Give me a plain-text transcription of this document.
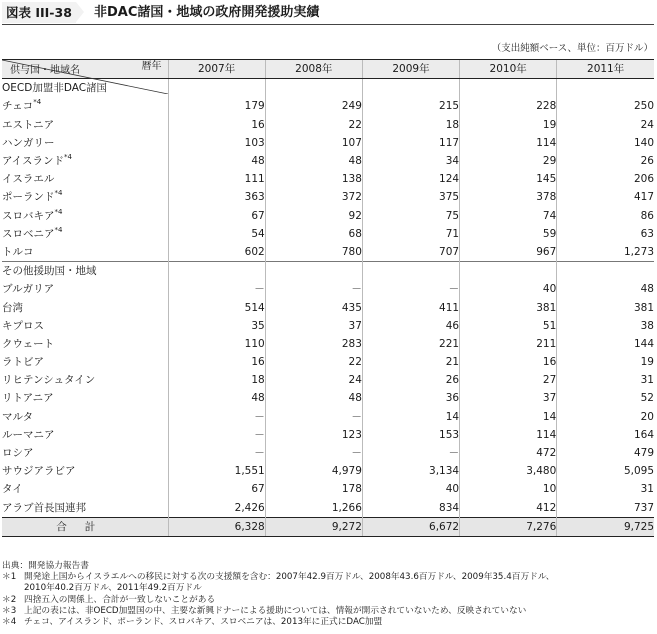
図表 III-38	非DAC諸国・地域の政府開発援助実績
（支出純額ベース、単位：百万ドル）
暦年
供与国・地域名	2007年	2008年	2009年	2010年	2011年
OECD加盟非DAC諸国					
チェコ$^{*4}$	179	249	215	228	250
エストニア	16	22	18	19	24
ハンガリー	103	107	117	114	140
アイスランド$^{*4}$	48	48	34	29	26
イスラエル	111	138	124	145	206
ポーランド$^{*4}$	363	372	375	378	417
スロバキア$^{*4}$	67	92	75	74	86
スロベニア$^{*4}$	54	68	71	59	63
トルコ	602	780	707	967	1,273
その他援助国・地域					
ブルガリア	－	－	－	40	48
台湾	514	435	411	381	381
キプロス	35	37	46	51	38
クウェート	110	283	221	211	144
ラトビア	16	22	21	16	19
リヒテンシュタイン	18	24	26	27	31
リトアニア	48	48	36	37	52
マルタ	－	－	14	14	20
ルーマニア	－	123	153	114	164
ロシア	－	－	－	472	479
サウジアラビア	1,551	4,979	3,134	3,480	5,095
タイ	67	178	40	10	31
アラブ首長国連邦	2,426	1,266	834	412	737
合計	6,328	9,272	6,672	7,276	9,725
出典：開発協力報告書
＊1 開発途上国からイスラエルへの移民に対する次の支援額を含む：2007年42.9百万ドル、2008年43.6百万ドル、2009年35.4百万ドル、
2010年40.2百万ドル、2011年49.2百万ドル
＊2 四捨五入の関係上、合計が一致しないことがある
＊3 上記の表には、非OECD加盟国の中、主要な新興ドナーによる援助については、情報が開示されていないため、反映されていない
＊4 チェコ、アイスランド、ポーランド、スロバキア、スロベニアは、2013年に正式にDAC加盟
